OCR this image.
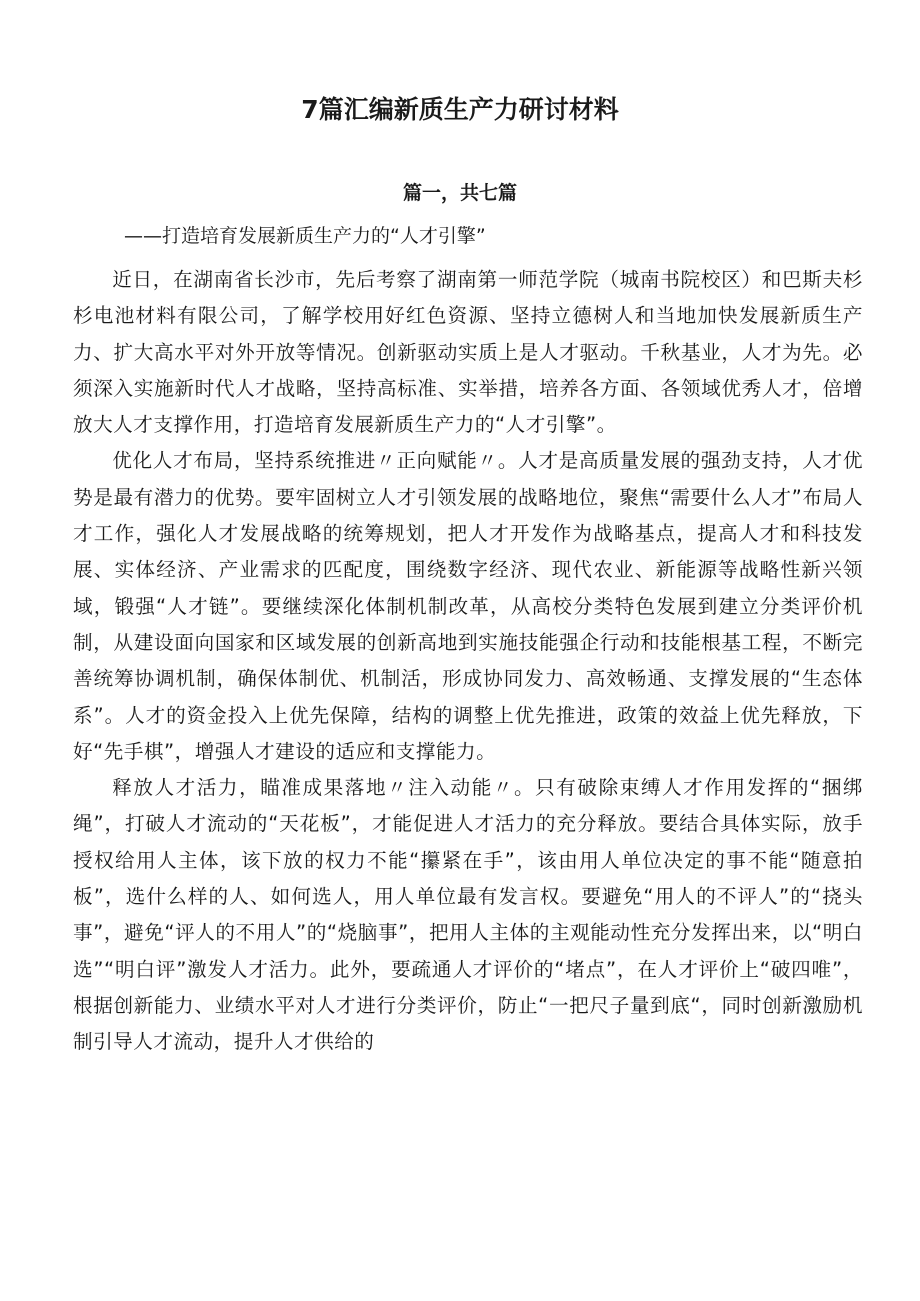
7篇汇编新质生产力研讨材料
篇一，共七篇
——打造培育发展新质生产力的“人才引擎”

近日，在湖南省长沙市，先后考察了湖南第一师范学院（城南书院校区）和巴斯夫杉杉电池材料有限公司，了解学校用好红色资源、坚持立德树人和当地加快发展新质生产力、扩大高水平对外开放等情况。创新驱动实质上是人才驱动。千秋基业，人才为先。必须深入实施新时代人才战略，坚持高标准、实举措，培养各方面、各领域优秀人才，倍增放大人才支撑作用，打造培育发展新质生产力的“人才引擎”。

优化人才布局，坚持系统推进〃正向赋能〃。人才是高质量发展的强劲支持，人才优势是最有潜力的优势。要牢固树立人才引领发展的战略地位，聚焦“需要什么人才”布局人才工作，强化人才发展战略的统筹规划，把人才开发作为战略基点，提高人才和科技发展、实体经济、产业需求的匹配度，围绕数字经济、现代农业、新能源等战略性新兴领域，锻强“人才链”。要继续深化体制机制改革，从高校分类特色发展到建立分类评价机制，从建设面向国家和区域发展的创新高地到实施技能强企行动和技能根基工程，不断完善统筹协调机制，确保体制优、机制活，形成协同发力、高效畅通、支撑发展的“生态体系”。人才的资金投入上优先保障，结构的调整上优先推进，政策的效益上优先释放，下好“先手棋”，增强人才建设的适应和支撑能力。

释放人才活力，瞄准成果落地〃注入动能〃。只有破除束缚人才作用发挥的“捆绑绳”，打破人才流动的“天花板”，才能促进人才活力的充分释放。要结合具体实际，放手授权给用人主体，该下放的权力不能“攥紧在手”，该由用人单位决定的事不能“随意拍板”，选什么样的人、如何选人，用人单位最有发言权。要避免“用人的不评人”的“挠头事”，避免“评人的不用人”的“烧脑事”，把用人主体的主观能动性充分发挥出来，以“明白选”“明白评”激发人才活力。此外，要疏通人才评价的“堵点”，在人才评价上“破四唯”，根据创新能力、业绩水平对人才进行分类评价，防止“一把尺子量到底“，同时创新激励机制引导人才流动，提升人才供给的
